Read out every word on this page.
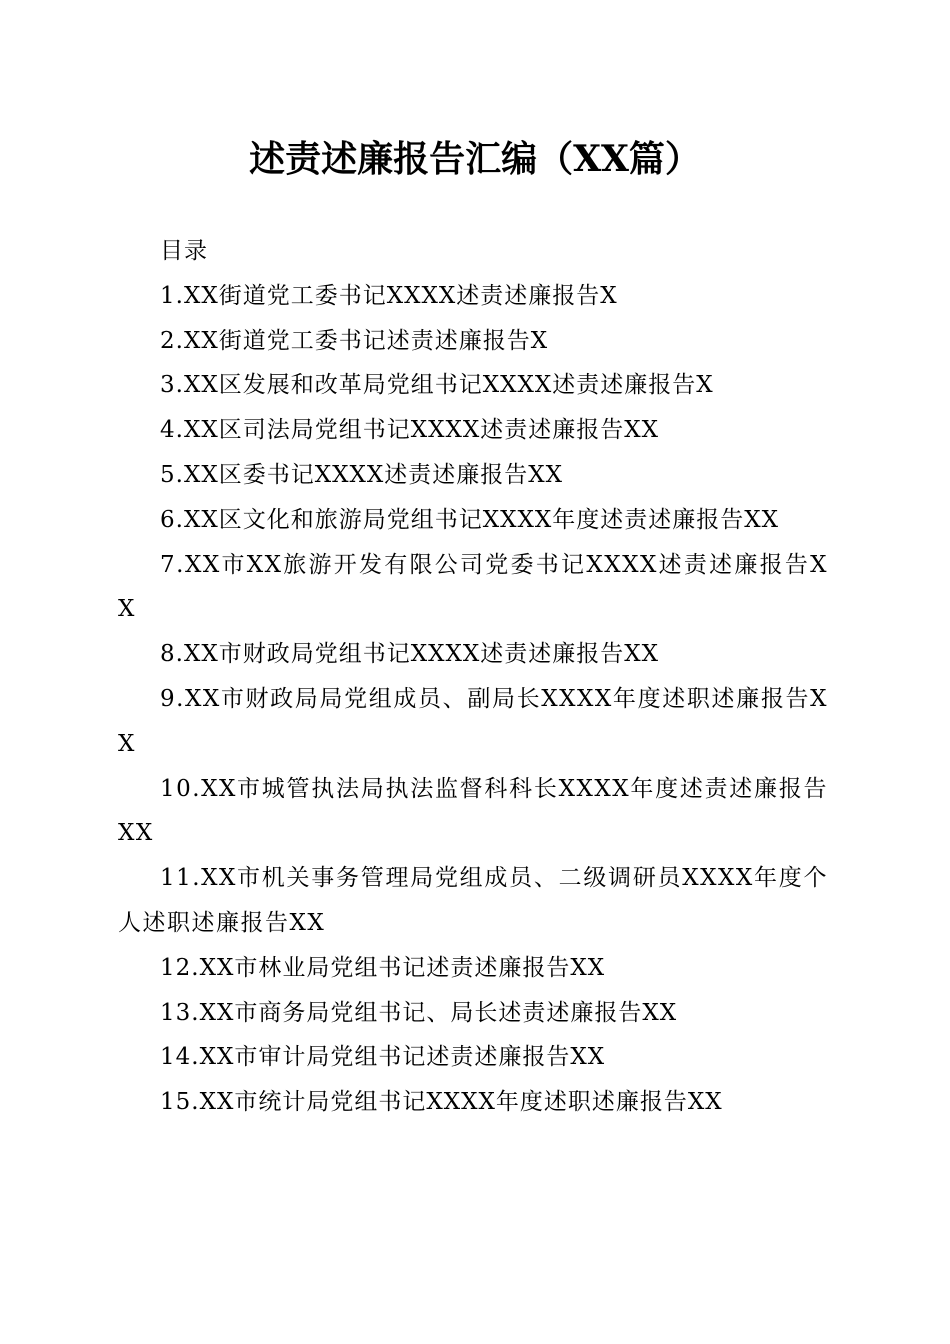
述责述廉报告汇编（XX篇）
目录
1.XX街道党工委书记XXXX述责述廉报告X
2.XX街道党工委书记述责述廉报告X
3.XX区发展和改革局党组书记XXXX述责述廉报告X
4.XX区司法局党组书记XXXX述责述廉报告XX
5.XX区委书记XXXX述责述廉报告XX
6.XX区文化和旅游局党组书记XXXX年度述责述廉报告XX
7.XX市XX旅游开发有限公司党委书记XXXX述责述廉报告XX
8.XX市财政局党组书记XXXX述责述廉报告XX
9.XX市财政局局党组成员、副局长XXXX年度述职述廉报告XX
10.XX市城管执法局执法监督科科长XXXX年度述责述廉报告XX
11.XX市机关事务管理局党组成员、二级调研员XXXX年度个人述职述廉报告XX
12.XX市林业局党组书记述责述廉报告XX
13.XX市商务局党组书记、局长述责述廉报告XX
14.XX市审计局党组书记述责述廉报告XX
15.XX市统计局党组书记XXXX年度述职述廉报告XX
